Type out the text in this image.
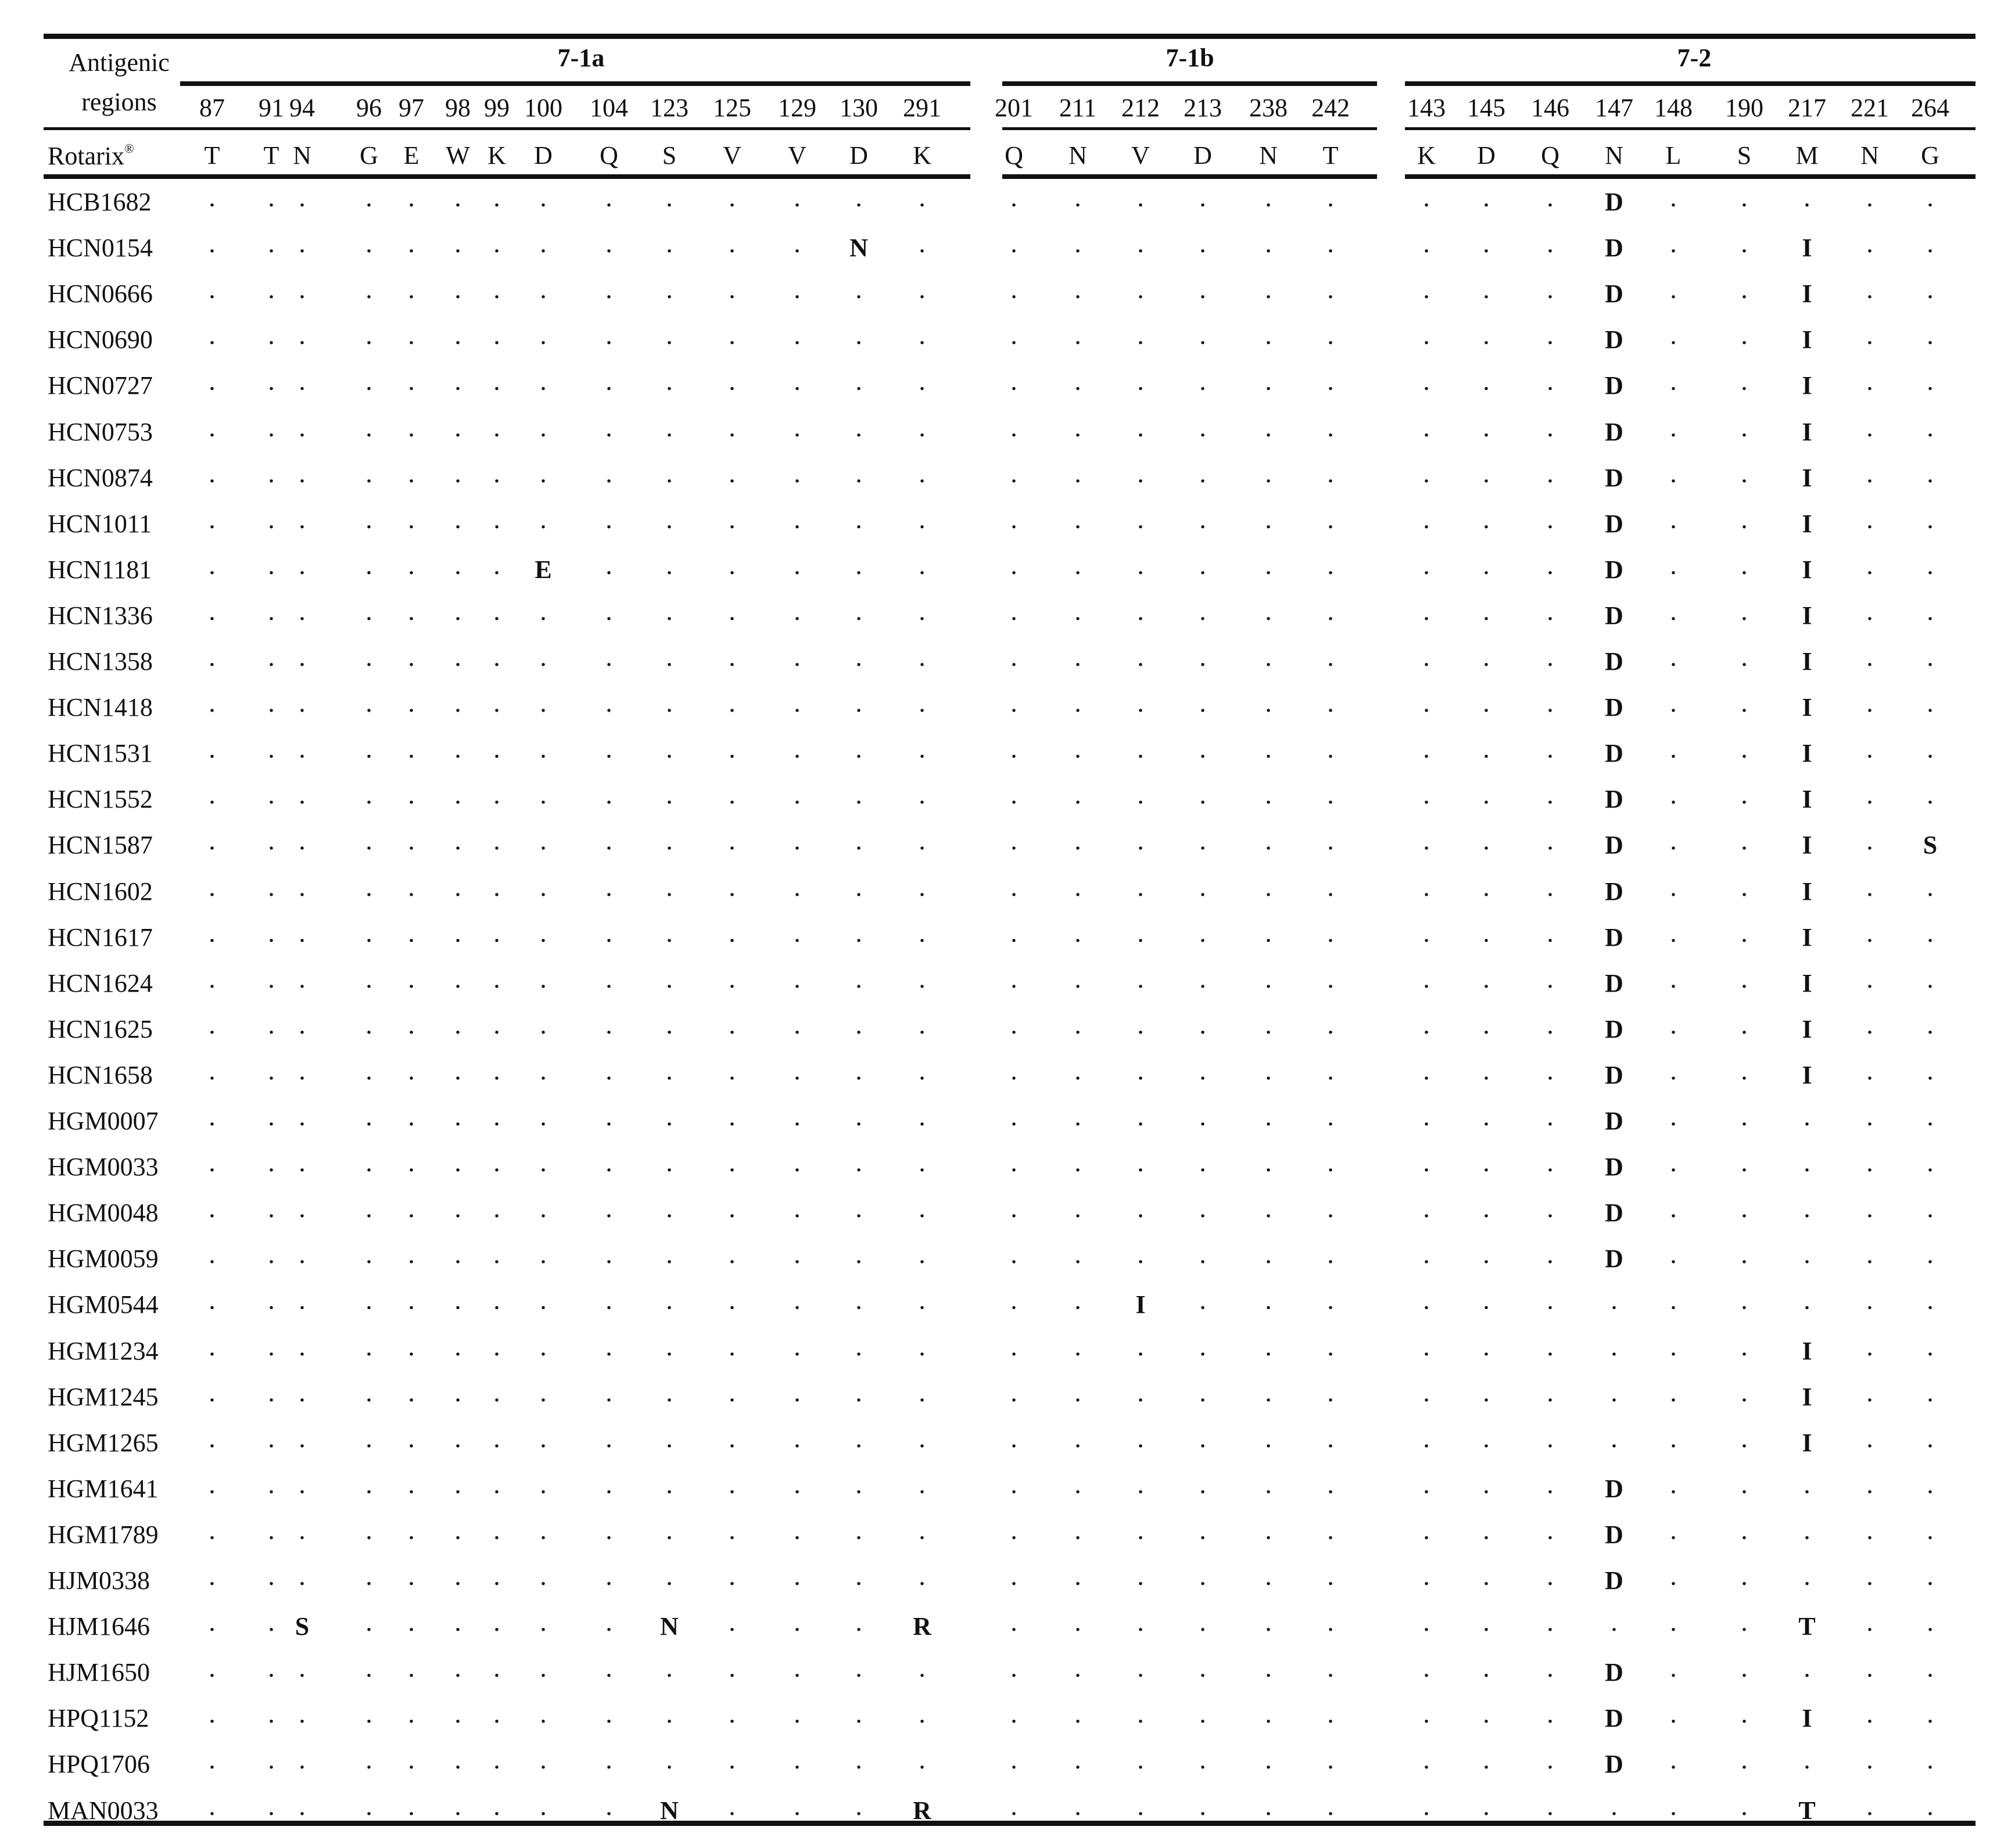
Antigenic
regions
Rotarix®
7-1a
87 91 94 96 97 98 99 100 104 123 125 129 130 291
T T N G E W K D Q S V V D K
7-1b
201 211 212 213 238 242
Q N V D N T
7-2
143 145 146 147 148 190 217 221 264
K D Q N L S M N G
HCB1682 . . . . . . . . . . . . . .	. . . . . .	. . . D . . . . .
HCN0154 . . . . . . . . . . . . N .	. . . . . .	. . . D . . I . .
HCN0666 . . . . . . . . . . . . . .	. . . . . .	. . . D . . I . .
HCN0690 . . . . . . . . . . . . . .	. . . . . .	. . . D . . I . .
HCN0727 . . . . . . . . . . . . . .	. . . . . .	. . . D . . I . .
HCN0753 . . . . . . . . . . . . . .	. . . . . .	. . . D . . I . .
HCN0874 . . . . . . . . . . . . . .	. . . . . .	. . . D . . I . .
HCN1011 . . . . . . . . . . . . . .	. . . . . .	. . . D . . I . .
HCN1181 . . . . . . . E . . . . . .	. . . . . .	. . . D . . I . .
HCN1336 . . . . . . . . . . . . . .	. . . . . .	. . . D . . I . .
HCN1358 . . . . . . . . . . . . . .	. . . . . .	. . . D . . I . .
HCN1418 . . . . . . . . . . . . . .	. . . . . .	. . . D . . I . .
HCN1531 . . . . . . . . . . . . . .	. . . . . .	. . . D . . I . .
HCN1552 . . . . . . . . . . . . . .	. . . . . .	. . . D . . I . .
HCN1587 . . . . . . . . . . . . . .	. . . . . .	. . . D . . I . S
HCN1602 . . . . . . . . . . . . . .	. . . . . .	. . . D . . I . .
HCN1617 . . . . . . . . . . . . . .	. . . . . .	. . . D . . I . .
HCN1624 . . . . . . . . . . . . . .	. . . . . .	. . . D . . I . .
HCN1625 . . . . . . . . . . . . . .	. . . . . .	. . . D . . I . .
HCN1658 . . . . . . . . . . . . . .	. . . . . .	. . . D . . I . .
HGM0007 . . . . . . . . . . . . . .	. . . . . .	. . . D . . . . .
HGM0033 . . . . . . . . . . . . . .	. . . . . .	. . . D . . . . .
HGM0048 . . . . . . . . . . . . . .	. . . . . .	. . . D . . . . .
HGM0059 . . . . . . . . . . . . . .	. . . . . .	. . . D . . . . .
HGM0544 . . . . . . . . . . . . . .	. . I . . .	. . . . . . . . .
HGM1234 . . . . . . . . . . . . . .	. . . . . .	. . . . . . I . .
HGM1245 . . . . . . . . . . . . . .	. . . . . .	. . . . . . I . .
HGM1265 . . . . . . . . . . . . . .	. . . . . .	. . . . . . I . .
HGM1641 . . . . . . . . . . . . . .	. . . . . .	. . . D . . . . .
HGM1789 . . . . . . . . . . . . . .	. . . . . .	. . . D . . . . .
HJM0338 . . . . . . . . . . . . . .	. . . . . .	. . . D . . . . .
HJM1646 . . S . . . . . . N . . . R	. . . . . .	. . . . . . T . .
HJM1650 . . . . . . . . . . . . . .	. . . . . .	. . . D . . . . .
HPQ1152 . . . . . . . . . . . . . .	. . . . . .	. . . D . . I . .
HPQ1706 . . . . . . . . . . . . . .	. . . . . .	. . . D . . . . .
MAN0033 . . . . . . . . . N . . . R	. . . . . .	. . . . . . T . .
